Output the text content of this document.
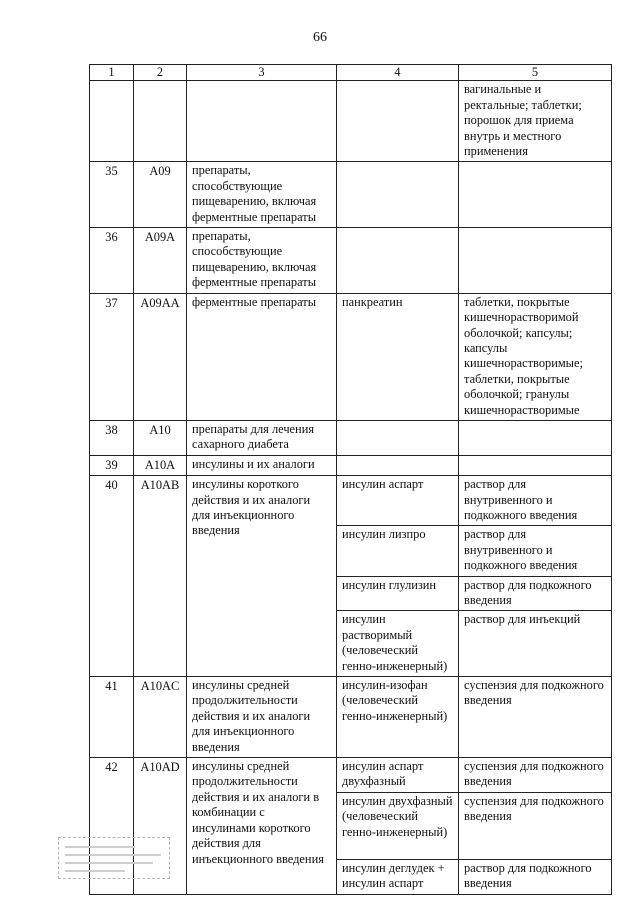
66
1	2	3	4	5
				вагинальные и ректальные; таблетки; порошок для приема внутрь и местного применения
35	A09	препараты, способствующие пищеварению, включая ферментные препараты		
36	A09A	препараты, способствующие пищеварению, включая ферментные препараты		
37	A09AA	ферментные препараты	панкреатин	таблетки, покрытые кишечнорастворимой оболочкой; капсулы; капсулы кишечнорастворимые; таблетки, покрытые оболочкой; гранулы кишечнорастворимые
38	A10	препараты для лечения сахарного диабета		
39	A10A	инсулины и их аналоги		
40	A10AB	инсулины короткого действия и их аналоги для инъекционного введения	инсулин аспарт	раствор для внутривенного и подкожного введения
			инсулин лизпро	раствор для внутривенного и подкожного введения
			инсулин глулизин	раствор для подкожного введения
			инсулин растворимый (человеческий генно-инженерный)	раствор для инъекций
41	A10AC	инсулины средней продолжительности действия и их аналоги для инъекционного введения	инсулин-изофан (человеческий генно-инженерный)	суспензия для подкожного введения
42	A10AD	инсулины средней продолжительности действия и их аналоги в комбинации с инсулинами короткого действия для инъекционного введения	инсулин аспарт двухфазный	суспензия для подкожного введения
			инсулин двухфазный (человеческий генно-инженерный)	суспензия для подкожного введения
			инсулин деглудек + инсулин аспарт	раствор для подкожного введения
